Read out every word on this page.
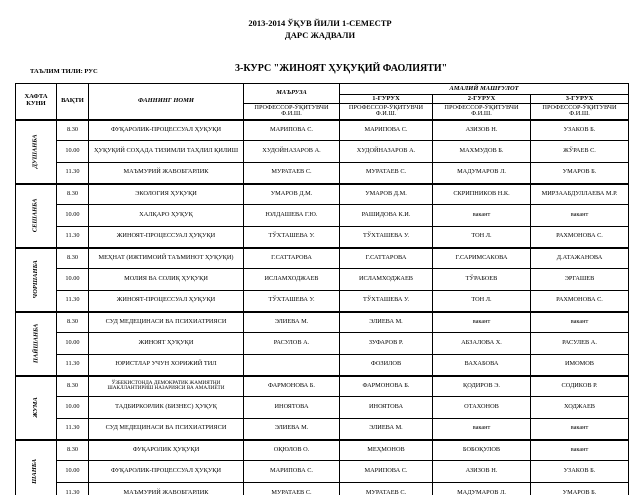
2013-2014 ЎҚУВ ЙИЛИ 1-СЕМЕСТР
ДАРС ЖАДВАЛИ
ТАЪЛИМ ТИЛИ: РУС	3-КУРС "ЖИНОЯТ ҲУҚУҚИЙ ФАОЛИЯТИ"
ХАФТА КУНИ	ВАҚТИ	ФАННИНГ НОМИ	МАЪРУЗА	АМАЛИЙ МАШҒУЛОТ		
				1-ГУРУХ	2-ГУРУХ	3-ГУРУХ
			ПРОФЕССОР-ЎҚИТУВЧИ Ф.И.Ш.	ПРОФЕССОР-ЎҚИТУВЧИ Ф.И.Ш.	ПРОФЕССОР-ЎҚИТУВЧИ Ф.И.Ш.	ПРОФЕССОР-ЎҚИТУВЧИ Ф.И.Ш.
ДУШАНБА	8.30	ФУҚАРОЛИК-ПРОЦЕССУАЛ ҲУҚУҚИ	МАРИПОВА С.	МАРИПОВА С.	АЗИЗОВ Н.	УЗАКОВ Б.
	10.00	ҲУҚУҚИЙ СОҲАДА ТИЗИМЛИ ТАҲЛИЛ ҚИЛИШ	ХУДОЙНАЗАРОВ А.	ХУДОЙНАЗАРОВ А.	МАХМУДОВ Б.	ЖЎРАЕВ С.
	11.30	МАЪМУРИЙ ЖАВОБГАРЛИК	МУРАТАЕВ С.	МУРАТАЕВ С.	МАДУМАРОВ Л.	УМАРОВ Б.
СЕШАНБА	8.30	ЭКОЛОГИЯ ҲУҚУҚИ	УМАРОВ Д.М.	УМАРОВ Д.М.	СКРИПНИКОВ Н.К.	МИРЗААБДУЛЛАЕВА М.Р.
	10.00	ХАЛҚАРО ҲУҚУҚ	ЮЛДАШЕВА Г.Ю.	РАШИДОВА К.И.	вакант	вакант
	11.30	ЖИНОЯТ-ПРОЦЕССУАЛ ҲУҚУҚИ	ТЎХТАШЕВА У.	ТЎХТАШЕВА У.	ТОН Л.	РАХМОНОВА С.
ЧОРШАНБА	8.30	МЕҲНАТ (ИЖТИМОИЙ ТАЪМИНОТ ҲУҚУҚИ)	Г.САТТАРОВА	Г.САТТАРОВА	Г.САРИМСАКОВА	Д.АТАЖАНОВА
	10.00	МОЛИЯ ВА СОЛИҚ ҲУҚУҚИ	ИСЛАМХОДЖАЕВ	ИСЛАМХОДЖАЕВ	ТЎРАБОЕВ	ЭРГАШЕВ
	11.30	ЖИНОЯТ-ПРОЦЕССУАЛ ҲУҚУҚИ	ТЎХТАШЕВА У.	ТЎХТАШЕВА У.	ТОН Л.	РАХМОНОВА С.
ПАЙШАНБА	8.30	СУД МЕДЕЦИНАСИ ВА ПСИХИАТРИЯСИ	ЭЛИЕВА М.	ЭЛИЕВА М.	вакант	вакант
	10.00	ЖИНОЯТ ҲУҚУҚИ	РАСУЛОВ А.	ЗУФАРОВ Р.	АБЗАЛОВА Х.	РАСУЛЕВ А.
	11.30	ЮРИСТЛАР УЧУН ХОРИЖИЙ ТИЛ		ФОЗИЛОВ	ВАХАБОВА	ИМОМОВ
ЖУМА	8.30	ЎЗБЕКИСТОНДА ДЕМОКРАТИК ЖАМИЯТНИ ШАКЛЛАНТИРИШ НАЗАРИЯСИ ВА АМАЛИЁТИ	ФАРМОНОВА Б.	ФАРМОНОВА Б.	ҚОДИРОВ Э.	СОДИКОВ Р.
	10.00	ТАДБИРКОРЛИК (БИЗНЕС) ҲУҚУҚ	ИНОЯТОВА	ИНОЯТОВА	ОТАХОНОВ	ХОДЖАЕВ
	11.30	СУД МЕДЕЦИНАСИ ВА ПСИХИАТРИЯСИ	ЭЛИЕВА М.	ЭЛИЕВА М.	вакант	вакант
ШАНБА	8.30	ФУҚАРОЛИК ҲУҚУҚИ	ОҚЮЛОВ О.	МЕҲМОНОВ	БОБОҚУЛОВ	вакант
	10.00	ФУҚАРОЛИК-ПРОЦЕССУАЛ ҲУҚУҚИ	МАРИПОВА С.	МАРИПОВА С.	АЗИЗОВ Н.	УЗАКОВ Б.
	11.30	МАЪМУРИЙ ЖАВОБГАРЛИК	МУРАТАЕВ С.	МУРАТАЕВ С.	МАДУМАРОВ Л.	УМАРОВ Б.
